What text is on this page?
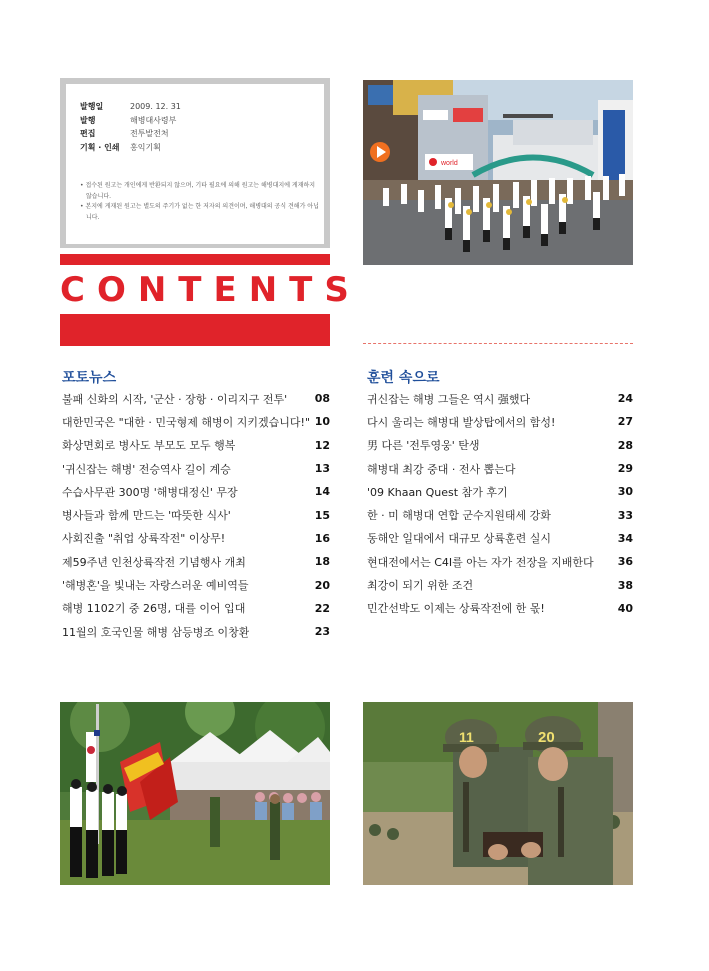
발행일	2009. 12. 31
발행	해병대사령부
편집	전투발전처
기획 · 인쇄	홍익기획
• 접수된 원고는 개인에게 반환되지 않으며, 기타 필요에 의해 원고는 해병대지에 게재하지 않습니다.
• 본지에 게재된 원고는 별도의 주기가 없는 한 저자의 의견이며, 해병대의 공식 견해가 아닙니다.
CONTENTS
world
포토뉴스
불패 신화의 시작, '군산 · 장항 · 이리지구 전투'	08
대한민국은 "대한 · 민국형제 해병이 지키겠습니다!" 10
화상면회로 병사도 부모도 모두 행복	12
'귀신잡는 해병' 전승역사 길이 계승	13
수습사무관 300명 '해병대정신' 무장	14
병사들과 함께 만드는 '따뜻한 식사'	15
사회진출 "취업 상륙작전" 이상무!	16
제59주년 인천상륙작전 기념행사 개최	18
'해병혼'을 빛내는 자랑스러운 예비역들	20
해병 1102기 중 26명, 대를 이어 입대	22
11월의 호국인물 해병 삼등병조 이창환	23
훈련 속으로
귀신잡는 해병 그들은 역시 强했다	24
다시 울리는 해병대 발상탑에서의 함성!	27
男 다른 '전투영웅' 탄생	28
해병대 최강 중대 · 전사 뽑는다	29
'09 Khaan Quest 참가 후기	30
한 · 미 해병대 연합 군수지원태세 강화	33
동해안 일대에서 대규모 상륙훈련 실시	34
현대전에서는 C4I를 아는 자가 전장을 지배한다 36
최강이 되기 위한 조건	38
민간선박도 이제는 상륙작전에 한 몫!	40
11	20
